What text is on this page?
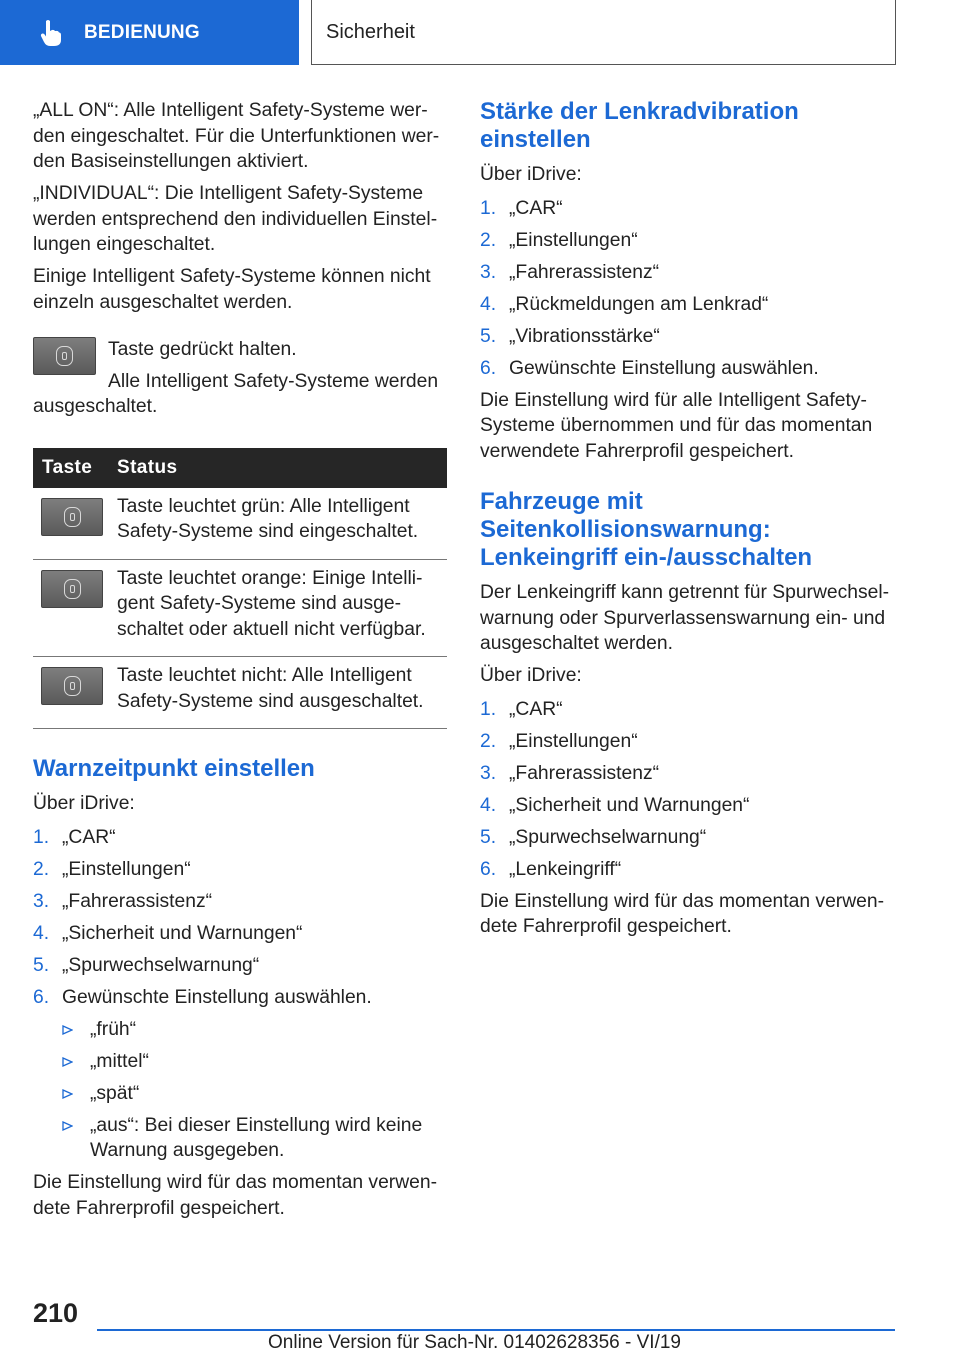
BEDIENUNG	Sicherheit

„ALL ON“: Alle Intelligent Safety-Systeme werden eingeschaltet. Für die Unterfunktionen werden Basiseinstellungen aktiviert.

„INDIVIDUAL“: Die Intelligent Safety-Systeme werden entsprechend den individuellen Einstellungen eingeschaltet.

Einige Intelligent Safety-Systeme können nicht einzeln ausgeschaltet werden.

Taste gedrückt halten.

Alle Intelligent Safety-Systeme werden ausgeschaltet.

Taste	Status

	Taste leuchtet grün: Alle Intelligent Safety-Systeme sind eingeschaltet.

	Taste leuchtet orange: Einige Intelligent Safety-Systeme sind ausgeschaltet oder aktuell nicht verfügbar.

	Taste leuchtet nicht: Alle Intelligent Safety-Systeme sind ausgeschaltet.
Warnzeitpunkt einstellen

Über iDrive:

1. „CAR“
2. „Einstellungen“
3. „Fahrerassistenz“
4. „Sicherheit und Warnungen“
5. „Spurwechselwarnung“
6. Gewünschte Einstellung auswählen.
„früh“
„mittel“
„spät“
„aus“: Bei dieser Einstellung wird keine Warnung ausgegeben.

Die Einstellung wird für das momentan verwendete Fahrerprofil gespeichert.

Stärke der Lenkradvibration einstellen

Über iDrive:

1. „CAR“
2. „Einstellungen“
3. „Fahrerassistenz“
4. „Rückmeldungen am Lenkrad“
5. „Vibrationsstärke“
6. Gewünschte Einstellung auswählen.

Die Einstellung wird für alle Intelligent Safety-Systeme übernommen und für das momentan verwendete Fahrerprofil gespeichert.

Fahrzeuge mit Seitenkollisionswarnung: Lenkeingriff ein-/ausschalten

Der Lenkeingriff kann getrennt für Spurwechselwarnung oder Spurverlassenswarnung ein- und ausgeschaltet werden.

Über iDrive:

1. „CAR“
2. „Einstellungen“
3. „Fahrerassistenz“
4. „Sicherheit und Warnungen“
5. „Spurwechselwarnung“
6. „Lenkeingriff“

Die Einstellung wird für das momentan verwendete Fahrerprofil gespeichert.

210
Online Version für Sach-Nr. 01402628356 - VI/19
